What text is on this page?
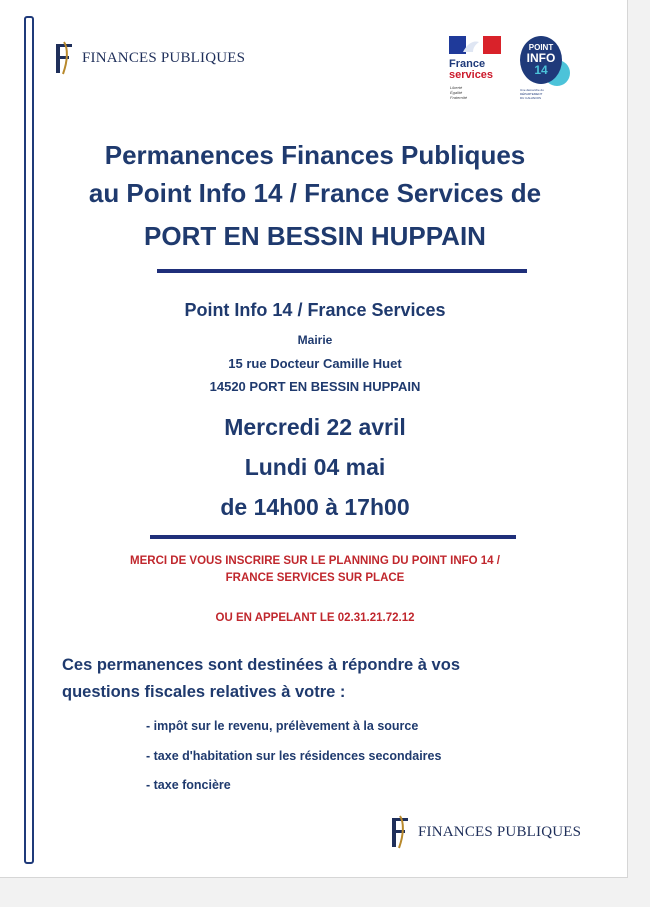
FINANCES PUBLIQUES	France
services
Liberté
Égalité
Fraternité
POINT
INFO
14
Une démarche du
DÉPARTEMENT
DU CALVADOS
Permanences Finances Publiques
au Point Info 14 / France Services de
PORT EN BESSIN HUPPAIN
Point Info 14 / France Services
Mairie
15 rue Docteur Camille Huet
14520 PORT EN BESSIN HUPPAIN
Mercredi 22 avril
Lundi 04 mai
de 14h00 à 17h00
MERCI DE VOUS INSCRIRE SUR LE PLANNING DU POINT INFO 14 /
FRANCE SERVICES SUR PLACE
OU EN APPELANT LE 02.31.21.72.12
Ces permanences sont destinées à répondre à vos
questions fiscales relatives à votre :
- impôt sur le revenu, prélèvement à la source
- taxe d'habitation sur les résidences secondaires
- taxe foncière
FINANCES PUBLIQUES
